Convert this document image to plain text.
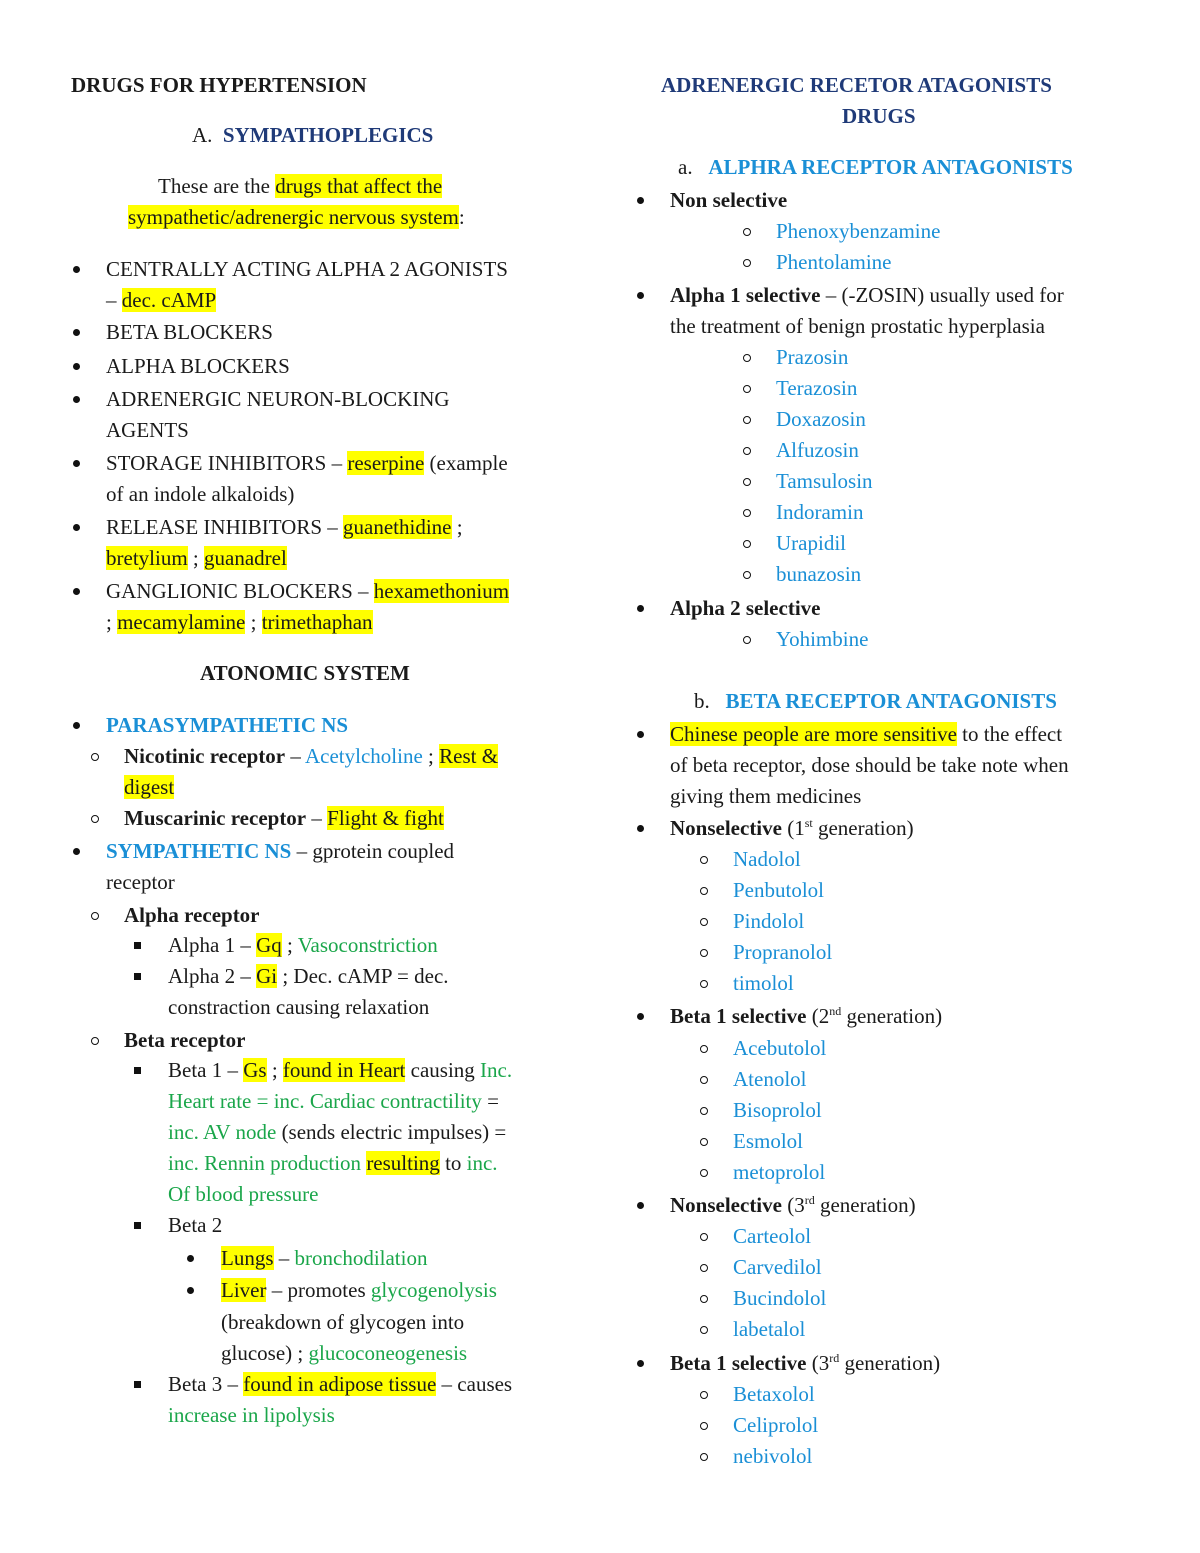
DRUGS FOR HYPERTENSION
A. SYMPATHOPLEGICS
These are the drugs that affect the
sympathetic/adrenergic nervous system:
CENTRALLY ACTING ALPHA 2 AGONISTS
– dec. cAMP
BETA BLOCKERS
ALPHA BLOCKERS
ADRENERGIC NEURON-BLOCKING
AGENTS
STORAGE INHIBITORS – reserpine (example
of an indole alkaloids)
RELEASE INHIBITORS – guanethidine ;
bretylium ; guanadrel
GANGLIONIC BLOCKERS – hexamethonium
; mecamylamine ; trimethaphan
ATONOMIC SYSTEM
PARASYMPATHETIC NS
Nicotinic receptor – Acetylcholine ; Rest &
digest
Muscarinic receptor – Flight & fight
SYMPATHETIC NS – gprotein coupled
receptor
Alpha receptor
Alpha 1 – Gq ; Vasoconstriction
Alpha 2 – Gi ; Dec. cAMP = dec.
constraction causing relaxation
Beta receptor
Beta 1 – Gs ; found in Heart causing Inc.
Heart rate = inc. Cardiac contractility =
inc. AV node (sends electric impulses) =
inc. Rennin production resulting to inc.
Of blood pressure
Beta 2
Lungs – bronchodilation
Liver – promotes glycogenolysis
(breakdown of glycogen into
glucose) ; glucoconeogenesis
Beta 3 – found in adipose tissue – causes
increase in lipolysis
ADRENERGIC RECETOR ATAGONISTS
DRUGS
a. ALPHRA RECEPTOR ANTAGONISTS
Non selective
Phenoxybenzamine
Phentolamine
Alpha 1 selective – (-ZOSIN) usually used for
the treatment of benign prostatic hyperplasia
Prazosin
Terazosin
Doxazosin
Alfuzosin
Tamsulosin
Indoramin
Urapidil
bunazosin
Alpha 2 selective
Yohimbine
b. BETA RECEPTOR ANTAGONISTS
Chinese people are more sensitive to the effect
of beta receptor, dose should be take note when
giving them medicines
Nonselective (1st generation)
Nadolol
Penbutolol
Pindolol
Propranolol
timolol
Beta 1 selective (2nd generation)
Acebutolol
Atenolol
Bisoprolol
Esmolol
metoprolol
Nonselective (3rd generation)
Carteolol
Carvedilol
Bucindolol
labetalol
Beta 1 selective (3rd generation)
Betaxolol
Celiprolol
nebivolol
